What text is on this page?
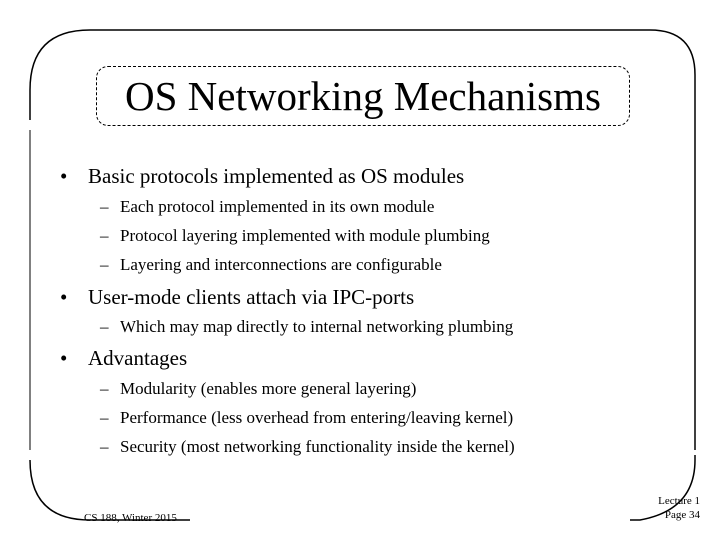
OS Networking Mechanisms
• Basic protocols implemented as OS modules
– Each protocol implemented in its own module
– Protocol layering implemented with module plumbing
– Layering and interconnections are configurable
• User-mode clients attach via IPC-ports
– Which may map directly to internal networking plumbing
• Advantages
– Modularity (enables more general layering)
– Performance (less overhead from entering/leaving kernel)
– Security (most networking functionality inside the kernel)
CS 188, Winter 2015
Lecture 1
Page 34
